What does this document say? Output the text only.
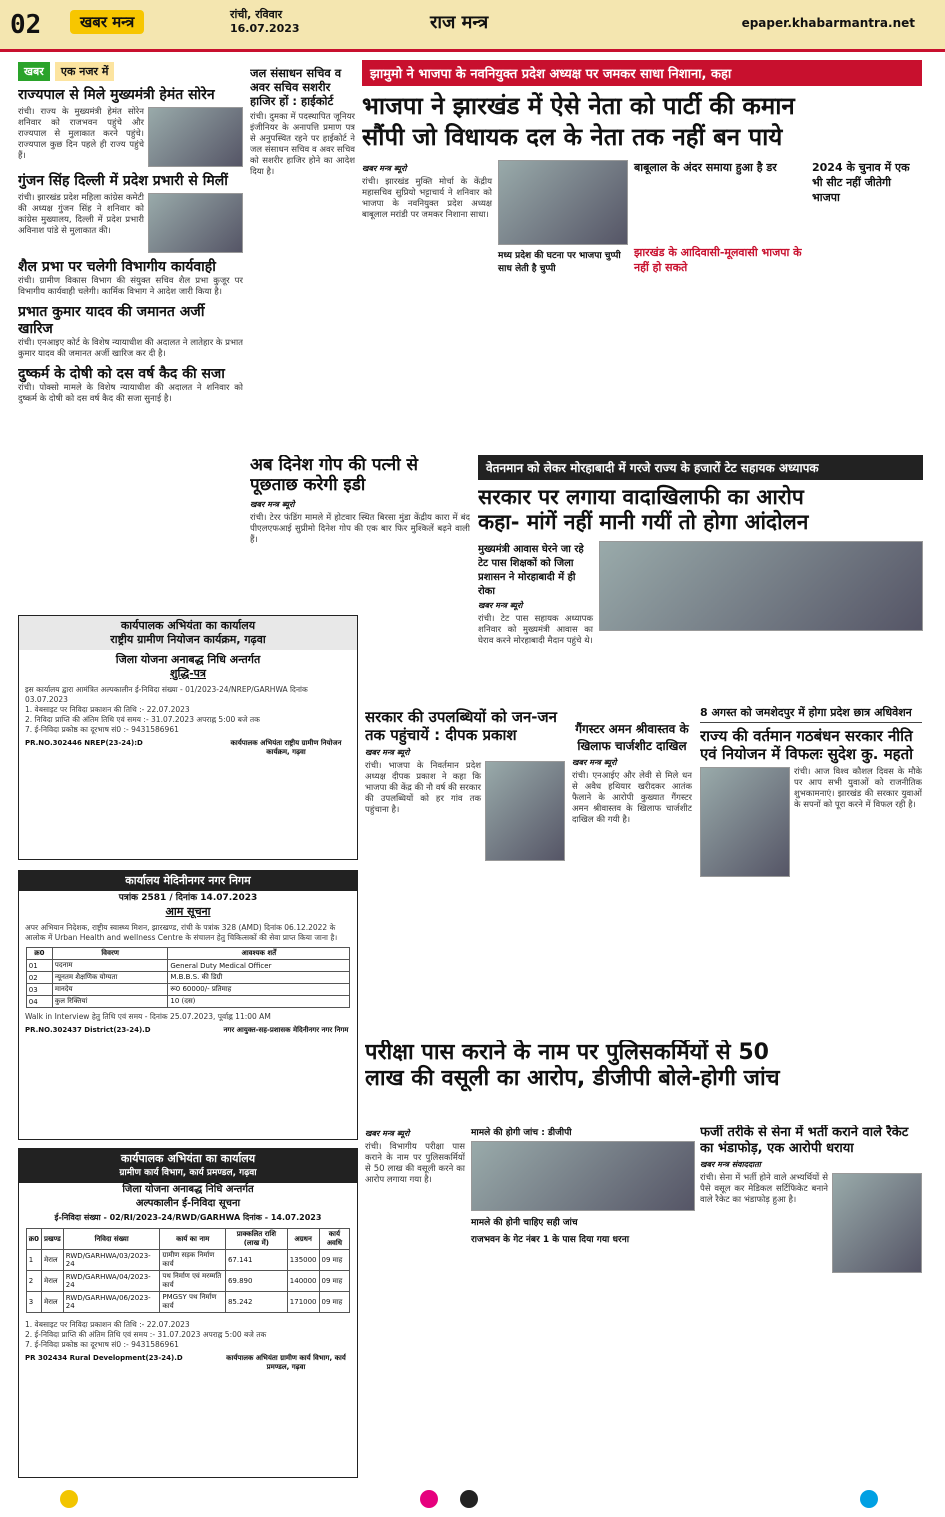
02	खबर मन्त्र	रांची, रविवार
16.07.2023	राज मन्त्र	epaper.khabarmantra.net
खबर एक नजर में
राज्यपाल से मिले मुख्यमंत्री हेमंत सोरेन

रांची। राज्य के मुख्यमंत्री हेमंत सोरेन शनिवार को राजभवन पहुंचे और राज्यपाल से मुलाकात करने पहुंचे। राज्यपाल कुछ दिन पहले ही राज्य पहुंचे हैं।

गुंजन सिंह दिल्ली में प्रदेश प्रभारी से मिलीं

रांची। झारखंड प्रदेश महिला कांग्रेस कमेटी की अध्यक्ष गुंजन सिंह ने शनिवार को कांग्रेस मुख्यालय, दिल्ली में प्रदेश प्रभारी अविनाश पांडे से मुलाकात की।

शैल प्रभा पर चलेगी विभागीय कार्यवाही

रांची। ग्रामीण विकास विभाग की संयुक्त सचिव शैल प्रभा कुजूर पर विभागीय कार्यवाही चलेगी। कार्मिक विभाग ने आदेश जारी किया है।

प्रभात कुमार यादव की जमानत अर्जी खारिज

रांची। एनआइए कोर्ट के विशेष न्यायाधीश की अदालत ने लातेहार के प्रभात कुमार यादव की जमानत अर्जी खारिज कर दी है।

दुष्कर्म के दोषी को दस वर्ष कैद की सजा

रांची। पोक्सो मामले के विशेष न्यायाधीश की अदालत ने शनिवार को दुष्कर्म के दोषी को दस वर्ष कैद की सजा सुनाई है।

जल संसाधन सचिव व अवर सचिव सशरीर हाजिर हों : हाईकोर्ट

रांची। दुमका में पदस्थापित जूनियर इंजीनियर के अनापत्ति प्रमाण पत्र से अनुपस्थित रहने पर हाईकोर्ट ने जल संसाधन सचिव व अवर सचिव को सशरीर हाजिर होने का आदेश दिया है।

झामुमो ने भाजपा के नवनियुक्त प्रदेश अध्यक्ष पर जमकर साधा निशाना, कहा
भाजपा ने झारखंड में ऐसे नेता को पार्टी की कमान
सौंपी जो विधायक दल के नेता तक नहीं बन पाये
खबर मन्त्र ब्यूरो

रांची। झारखंड मुक्ति मोर्चा के केंद्रीय महासचिव सुप्रियो भट्टाचार्य ने शनिवार को भाजपा के नवनियुक्त प्रदेश अध्यक्ष बाबूलाल मरांडी पर जमकर निशाना साधा।

मध्य प्रदेश की घटना पर भाजपा चुप्पी साध लेती है चुप्पी
बाबूलाल के अंदर समाया हुआ है डर
झारखंड के आदिवासी-मूलवासी भाजपा के नहीं हो सकते
2024 के चुनाव में एक भी सीट नहीं जीतेगी भाजपा
अब दिनेश गोप की पत्नी से पूछताछ करेगी इडी
खबर मन्त्र ब्यूरो

रांची। टेरर फंडिंग मामले में होटवार स्थित बिरसा मुंडा केंद्रीय कारा में बंद पीएलएफआई सुप्रीमो दिनेश गोप की एक बार फिर मुश्किलें बढ़ने वाली हैं।

वेतनमान को लेकर मोरहाबादी में गरजे राज्य के हजारों टेट सहायक अध्यापक
सरकार पर लगाया वादाखिलाफी का आरोप
कहा- मांगें नहीं मानी गयीं तो होगा आंदोलन
मुख्यमंत्री आवास घेरने जा रहे टेट पास शिक्षकों को जिला प्रशासन ने मोरहाबादी में ही रोका
खबर मन्त्र ब्यूरो

रांची। टेट पास सहायक अध्यापक शनिवार को मुख्यमंत्री आवास का घेराव करने मोरहाबादी मैदान पहुंचे थे।

कार्यपालक अभियंता का कार्यालय
राष्ट्रीय ग्रामीण नियोजन कार्यक्रम, गढ़वा
जिला योजना अनाबद्ध निधि अन्तर्गत
शुद्धि-पत्र
इस कार्यालय द्वारा आमंत्रित अल्पकालीन ई-निविदा संख्या - 01/2023-24/NREP/GARHWA दिनांक 03.07.2023
1. वेबसाइट पर निविदा प्रकाशन की तिथि :- 22.07.2023
2. निविदा प्राप्ति की अंतिम तिथि एवं समय :- 31.07.2023 अपराह्न 5:00 बजे तक
7. ई-निविदा प्रकोष्ठ का दूरभाष सं0 :- 9431586961
PR.NO.302446 NREP(23-24):D	कार्यपालक अभियंता राष्ट्रीय ग्रामीण नियोजन कार्यक्रम, गढ़वा
सरकार की उपलब्धियों को जन-जन तक पहुंचायें : दीपक प्रकाश
खबर मन्त्र ब्यूरो

रांची। भाजपा के निवर्तमान प्रदेश अध्यक्ष दीपक प्रकाश ने कहा कि भाजपा की केंद्र की नौ वर्ष की सरकार की उपलब्धियों को हर गांव तक पहुंचाना है।

गैंगस्टर अमन श्रीवास्तव के खिलाफ चार्जशीट दाखिल
खबर मन्त्र ब्यूरो

रांची। एनआईए और लेवी से मिले धन से अवैध हथियार खरीदकर आतंक फैलाने के आरोपी कुख्यात गैंगस्टर अमन श्रीवास्तव के खिलाफ चार्जशीट दाखिल की गयी है।

8 अगस्त को जमशेदपुर में होगा प्रदेश छात्र अधिवेशन
राज्य की वर्तमान गठबंधन सरकार नीति एवं नियोजन में विफलः सुदेश कु. महतो

रांची। आज विश्व कौशल दिवस के मौके पर आप सभी युवाओं को राजनीतिक शुभकामनाएं। झारखंड की सरकार युवाओं के सपनों को पूरा करने में विफल रही है।

कार्यालय मेदिनीनगर नगर निगम
पत्रांक 2581 / दिनांक 14.07.2023
आम सूचना
अपर अभियान निदेशक, राष्ट्रीय स्वास्थ्य मिशन, झारखण्ड, रांची के पत्रांक 328 (AMD) दिनांक 06.12.2022 के आलोक में Urban Health and wellness Centre के संचालन हेतु चिकित्सकों की सेवा प्राप्त किया जाना है।
क्र0	विवरण	आवश्यक शर्तें
01	पदनाम	General Duty Medical Officer
02	न्यूनतम शैक्षणिक योग्यता	M.B.B.S. की डिग्री
03	मानदेय	रू0 60000/- प्रतिमाह
04	कुल रिक्तियां	10 (दस)
Walk in Interview हेतु तिथि एवं समय - दिनांक 25.07.2023, पूर्वाह्न 11:00 AM
PR.NO.302437 District(23-24).D	नगर आयुक्त-सह-प्रशासक मेदिनीनगर नगर निगम
परीक्षा पास कराने के नाम पर पुलिसकर्मियों से 50
लाख की वसूली का आरोप, डीजीपी बोले-होगी जांच
खबर मन्त्र ब्यूरो

रांची। विभागीय परीक्षा पास कराने के नाम पर पुलिसकर्मियों से 50 लाख की वसूली करने का आरोप लगाया गया है।

मामले की होगी जांच : डीजीपी
मामले की होनी चाहिए सही जांच
राजभवन के गेट नंबर 1 के पास दिया गया धरना
फर्जी तरीके से सेना में भर्ती कराने वाले रैकेट का भंडाफोड़, एक आरोपी धराया
खबर मन्त्र संवाददाता

रांची। सेना में भर्ती होने वाले अभ्यर्थियों से पैसे वसूल कर मेडिकल सर्टिफिकेट बनाने वाले रैकेट का भंडाफोड़ हुआ है।

कार्यपालक अभियंता का कार्यालय
ग्रामीण कार्य विभाग, कार्य प्रमण्डल, गढ़वा
जिला योजना अनाबद्ध निधि अन्तर्गत
अल्पकालीन ई-निविदा सूचना
ई-निविदा संख्या - 02/RI/2023-24/RWD/GARHWA दिनांक - 14.07.2023
क्र0	प्रखण्ड	निविदा संख्या	कार्य का नाम	प्राक्कलित राशि (लाख में)	अग्रधन	कार्य अवधि
1	मेराल	RWD/GARHWA/03/2023-24	ग्रामीण सड़क निर्माण कार्य	67.141	135000	09 माह
2	मेराल	RWD/GARHWA/04/2023-24	पथ निर्माण एवं मरम्मति कार्य	69.890	140000	09 माह
3	मेराल	RWD/GARHWA/06/2023-24	PMGSY पथ निर्माण कार्य	85.242	171000	09 माह
1. वेबसाइट पर निविदा प्रकाशन की तिथि :- 22.07.2023
2. ई-निविदा प्राप्ति की अंतिम तिथि एवं समय :- 31.07.2023 अपराह्न 5:00 बजे तक
7. ई-निविदा प्रकोष्ठ का दूरभाष सं0 :- 9431586961
PR 302434 Rural Development(23-24).D	कार्यपालक अभियंता ग्रामीण कार्य विभाग, कार्य प्रमण्डल, गढ़वा
